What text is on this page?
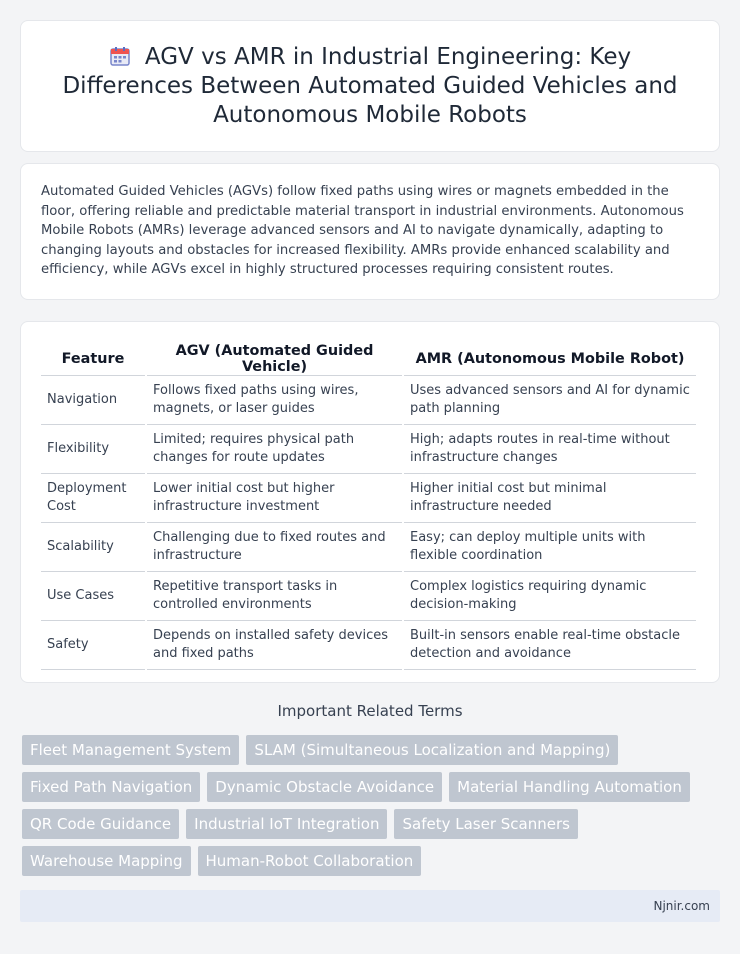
AGV vs AMR in Industrial Engineering: Key Differences Between Automated Guided Vehicles and Autonomous Mobile Robots

Automated Guided Vehicles (AGVs) follow fixed paths using wires or magnets embedded in the floor, offering reliable and predictable material transport in industrial environments. Autonomous Mobile Robots (AMRs) leverage advanced sensors and AI to navigate dynamically, adapting to changing layouts and obstacles for increased flexibility. AMRs provide enhanced scalability and efficiency, while AGVs excel in highly structured processes requiring consistent routes.

Feature	AGV (Automated Guided Vehicle)	AMR (Autonomous Mobile Robot)
Navigation	Follows fixed paths using wires, magnets, or laser guides	Uses advanced sensors and AI for dynamic path planning
Flexibility	Limited; requires physical path changes for route updates	High; adapts routes in real-time without infrastructure changes
Deployment Cost	Lower initial cost but higher infrastructure investment	Higher initial cost but minimal infrastructure needed
Scalability	Challenging due to fixed routes and infrastructure	Easy; can deploy multiple units with flexible coordination
Use Cases	Repetitive transport tasks in controlled environments	Complex logistics requiring dynamic decision-making
Safety	Depends on installed safety devices and fixed paths	Built-in sensors enable real-time obstacle detection and avoidance
Important Related Terms
Fleet Management System	SLAM (Simultaneous Localization and Mapping)
Fixed Path Navigation	Dynamic Obstacle Avoidance	Material Handling Automation
QR Code Guidance	Industrial IoT Integration	Safety Laser Scanners
Warehouse Mapping	Human-Robot Collaboration
Njnir.com
